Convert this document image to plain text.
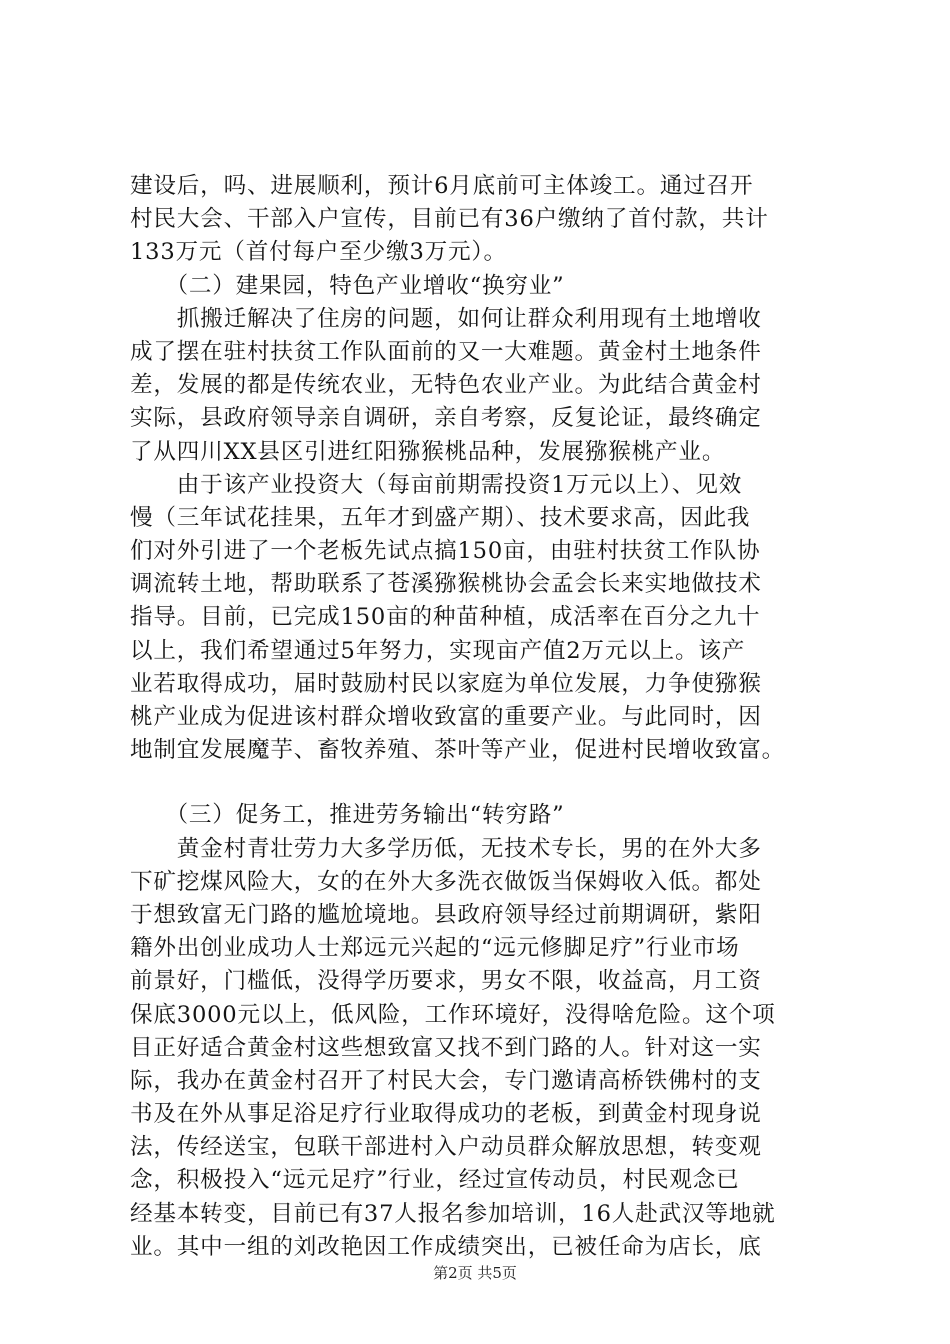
建设后，吗、进展顺利，预计6月底前可主体竣工。通过召开
村民大会、干部入户宣传，目前已有36户缴纳了首付款，共计
133万元（首付每户至少缴3万元）。
　　（二）建果园，特色产业增收“换穷业”
　　抓搬迁解决了住房的问题，如何让群众利用现有土地增收
成了摆在驻村扶贫工作队面前的又一大难题。黄金村土地条件
差，发展的都是传统农业，无特色农业产业。为此结合黄金村
实际，县政府领导亲自调研，亲自考察，反复论证，最终确定
了从四川XX县区引进红阳猕猴桃品种，发展猕猴桃产业。
　　由于该产业投资大（每亩前期需投资1万元以上）、见效
慢（三年试花挂果，五年才到盛产期）、技术要求高，因此我
们对外引进了一个老板先试点搞150亩，由驻村扶贫工作队协
调流转土地，帮助联系了苍溪猕猴桃协会孟会长来实地做技术
指导。目前，已完成150亩的种苗种植，成活率在百分之九十
以上，我们希望通过5年努力，实现亩产值2万元以上。该产
业若取得成功，届时鼓励村民以家庭为单位发展，力争使猕猴
桃产业成为促进该村群众增收致富的重要产业。与此同时，因
地制宜发展魔芋、畜牧养殖、茶叶等产业，促进村民增收致富。
　　（三）促务工，推进劳务输出“转穷路”
　　黄金村青壮劳力大多学历低，无技术专长，男的在外大多
下矿挖煤风险大，女的在外大多洗衣做饭当保姆收入低。都处
于想致富无门路的尴尬境地。县政府领导经过前期调研，紫阳
籍外出创业成功人士郑远元兴起的“远元修脚足疗”行业市场
前景好，门槛低，没得学历要求，男女不限，收益高，月工资
保底3000元以上，低风险，工作环境好，没得啥危险。这个项
目正好适合黄金村这些想致富又找不到门路的人。针对这一实
际，我办在黄金村召开了村民大会，专门邀请高桥铁佛村的支
书及在外从事足浴足疗行业取得成功的老板，到黄金村现身说
法，传经送宝，包联干部进村入户动员群众解放思想，转变观
念，积极投入“远元足疗”行业，经过宣传动员，村民观念已
经基本转变，目前已有37人报名参加培训，16人赴武汉等地就
业。其中一组的刘改艳因工作成绩突出，已被任命为店长，底
第2页 共5页
